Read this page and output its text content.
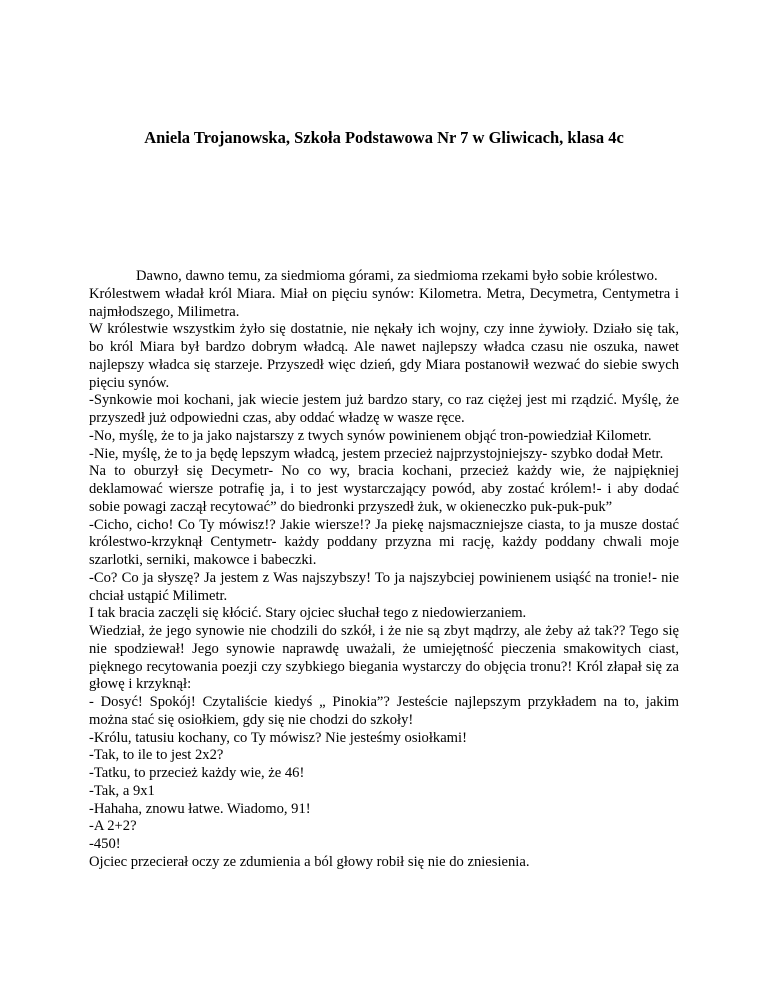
Aniela Trojanowska, Szkoła Podstawowa Nr 7 w Gliwicach, klasa 4c

Dawno, dawno temu, za siedmioma górami, za siedmioma rzekami było sobie królestwo.

Królestwem władał król Miara. Miał on pięciu synów: Kilometra. Metra, Decymetra, Centymetra i najmłodszego, Milimetra.

W królestwie wszystkim żyło się dostatnie, nie nękały ich wojny, czy inne żywioły. Działo się tak, bo król Miara był bardzo dobrym władcą. Ale nawet najlepszy władca czasu nie oszuka, nawet najlepszy władca się starzeje. Przyszedł więc dzień, gdy Miara postanowił wezwać do siebie swych pięciu synów.

-Synkowie moi kochani, jak wiecie jestem już bardzo stary, co raz ciężej jest mi rządzić. Myślę, że przyszedł już odpowiedni czas, aby oddać władzę w wasze ręce.

-No, myślę, że to ja jako najstarszy z twych synów powinienem objąć tron-powiedział Kilometr.

-Nie, myślę, że to ja będę lepszym władcą, jestem przecież najprzystojniejszy- szybko dodał Metr.

Na to oburzył się Decymetr- No co wy, bracia kochani, przecież każdy wie, że najpiękniej deklamować wiersze potrafię ja, i to jest wystarczający powód, aby zostać królem!- i aby dodać sobie powagi zaczął recytować” do biedronki przyszedł żuk, w okieneczko puk-puk-puk”

-Cicho, cicho! Co Ty mówisz!? Jakie wiersze!? Ja piekę najsmaczniejsze ciasta, to ja musze dostać królestwo-krzyknął Centymetr- każdy poddany przyzna mi rację, każdy poddany chwali moje szarlotki, serniki, makowce i babeczki.

-Co? Co ja słyszę? Ja jestem z Was najszybszy! To ja najszybciej powinienem usiąść na tronie!- nie chciał ustąpić Milimetr.

I tak bracia zaczęli się kłócić. Stary ojciec słuchał tego z niedowierzaniem.

Wiedział, że jego synowie nie chodzili do szkół, i że nie są zbyt mądrzy, ale żeby aż tak?? Tego się nie spodziewał! Jego synowie naprawdę uważali, że umiejętność pieczenia smakowitych ciast, pięknego recytowania poezji czy szybkiego biegania wystarczy do objęcia tronu?! Król złapał się za głowę i krzyknął:

- Dosyć! Spokój! Czytaliście kiedyś „ Pinokia”? Jesteście najlepszym przykładem na to, jakim można stać się osiołkiem, gdy się nie chodzi do szkoły!

-Królu, tatusiu kochany, co Ty mówisz? Nie jesteśmy osiołkami!

-Tak, to ile to jest 2x2?

-Tatku, to przecież każdy wie, że 46!

-Tak, a 9x1

-Hahaha, znowu łatwe. Wiadomo, 91!

-A 2+2?

-450!

Ojciec przecierał oczy ze zdumienia a ból głowy robił się nie do zniesienia.
